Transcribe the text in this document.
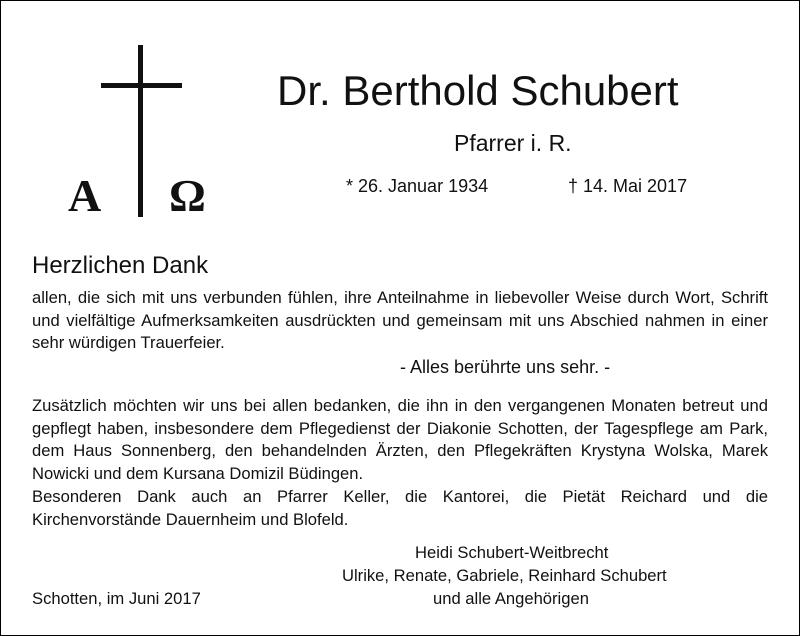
A Ω
Dr. Berthold Schubert
Pfarrer i. R.
* 26. Januar 1934	† 14. Mai 2017
Herzlichen Dank

allen, die sich mit uns verbunden fühlen, ihre Anteilnahme in liebevoller Weise durch Wort, Schrift und vielfältige Aufmerksamkeiten ausdrückten und gemeinsam mit uns Abschied nahmen in einer sehr würdigen Trauerfeier.

- Alles berührte uns sehr. -

Zusätzlich möchten wir uns bei allen bedanken, die ihn in den vergangenen Monaten betreut und gepflegt haben, insbesondere dem Pflegedienst der Diakonie Schotten, der Tagespflege am Park, dem Haus Sonnenberg, den behandelnden Ärzten, den Pflegekräften Krystyna Wolska, Marek Nowicki und dem Kursana Domizil Büdingen.

Besonderen Dank auch an Pfarrer Keller, die Kantorei, die Pietät Reichard und die Kirchenvorstände Dauernheim und Blofeld.

Heidi Schubert-Weitbrecht
Ulrike, Renate, Gabriele, Reinhard Schubert
und alle Angehörigen
Schotten, im Juni 2017
